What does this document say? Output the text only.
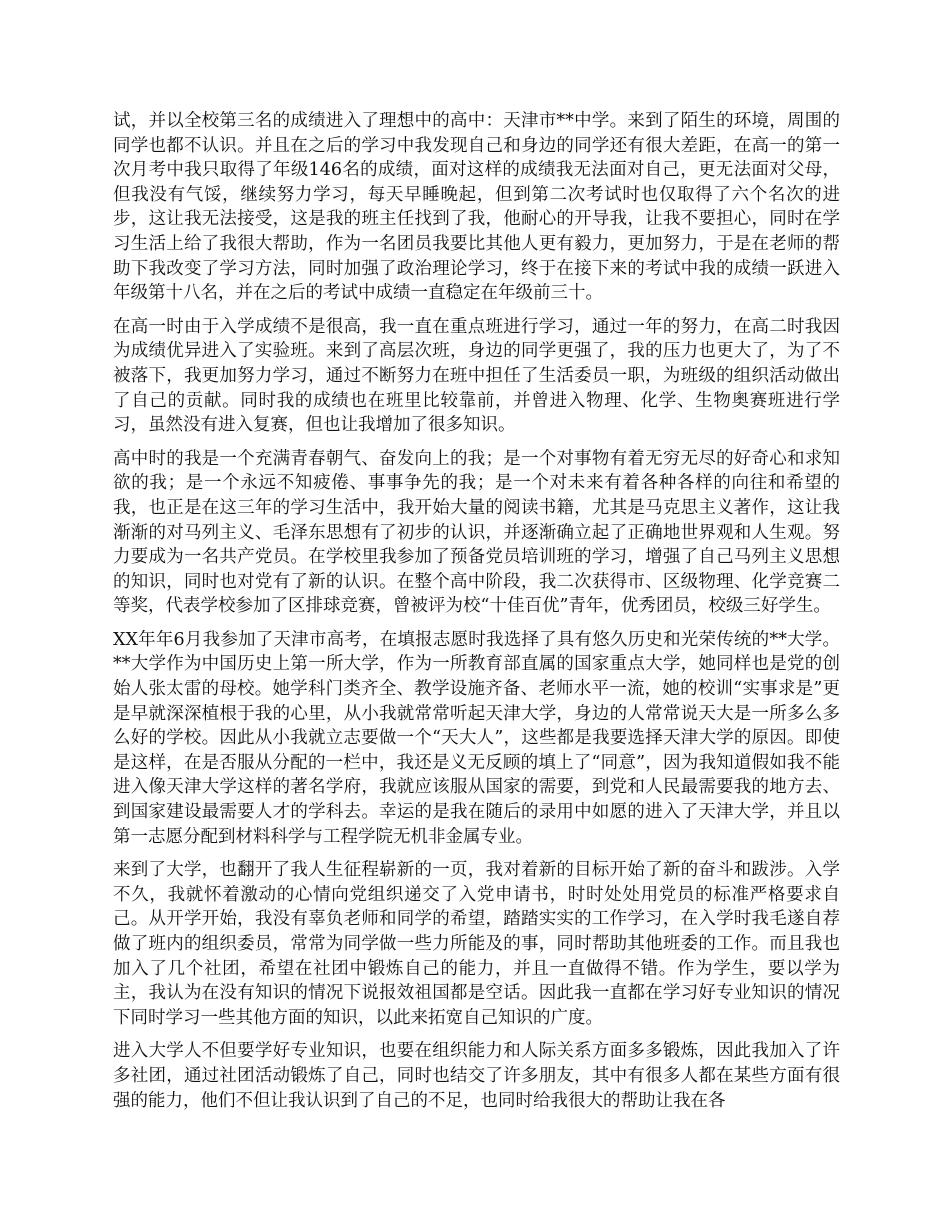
试，并以全校第三名的成绩进入了理想中的高中：天津市**中学。来到了陌生的环境，周围的同学也都不认识。并且在之后的学习中我发现自己和身边的同学还有很大差距，在高一的第一次月考中我只取得了年级146名的成绩，面对这样的成绩我无法面对自己，更无法面对父母，但我没有气馁，继续努力学习，每天早睡晚起，但到第二次考试时也仅取得了六个名次的进步，这让我无法接受，这是我的班主任找到了我，他耐心的开导我，让我不要担心，同时在学习生活上给了我很大帮助，作为一名团员我要比其他人更有毅力，更加努力，于是在老师的帮助下我改变了学习方法，同时加强了政治理论学习，终于在接下来的考试中我的成绩一跃进入年级第十八名，并在之后的考试中成绩一直稳定在年级前三十。

在高一时由于入学成绩不是很高，我一直在重点班进行学习，通过一年的努力，在高二时我因为成绩优异进入了实验班。来到了高层次班，身边的同学更强了，我的压力也更大了，为了不被落下，我更加努力学习，通过不断努力在班中担任了生活委员一职，为班级的组织活动做出了自己的贡献。同时我的成绩也在班里比较靠前，并曾进入物理、化学、生物奥赛班进行学习，虽然没有进入复赛，但也让我增加了很多知识。

高中时的我是一个充满青春朝气、奋发向上的我；是一个对事物有着无穷无尽的好奇心和求知欲的我；是一个永远不知疲倦、事事争先的我；是一个对未来有着各种各样的向往和希望的我，也正是在这三年的学习生活中，我开始大量的阅读书籍，尤其是马克思主义著作，这让我渐渐的对马列主义、毛泽东思想有了初步的认识，并逐渐确立起了正确地世界观和人生观。努力要成为一名共产党员。在学校里我参加了预备党员培训班的学习，增强了自己马列主义思想的知识，同时也对党有了新的认识。在整个高中阶段，我二次获得市、区级物理、化学竞赛二等奖，代表学校参加了区排球竞赛，曾被评为校“十佳百优”青年，优秀团员，校级三好学生。

XX年年6月我参加了天津市高考，在填报志愿时我选择了具有悠久历史和光荣传统的**大学。**大学作为中国历史上第一所大学，作为一所教育部直属的国家重点大学，她同样也是党的创始人张太雷的母校。她学科门类齐全、教学设施齐备、老师水平一流，她的校训“实事求是”更是早就深深植根于我的心里，从小我就常常听起天津大学，身边的人常常说天大是一所多么多么好的学校。因此从小我就立志要做一个“天大人”，这些都是我要选择天津大学的原因。即使是这样，在是否服从分配的一栏中，我还是义无反顾的填上了“同意”，因为我知道假如我不能进入像天津大学这样的著名学府，我就应该服从国家的需要，到党和人民最需要我的地方去、到国家建设最需要人才的学科去。幸运的是我在随后的录用中如愿的进入了天津大学，并且以第一志愿分配到材料科学与工程学院无机非金属专业。

来到了大学，也翻开了我人生征程崭新的一页，我对着新的目标开始了新的奋斗和跋涉。入学不久，我就怀着激动的心情向党组织递交了入党申请书，时时处处用党员的标准严格要求自己。从开学开始，我没有辜负老师和同学的希望，踏踏实实的工作学习，在入学时我毛遂自荐做了班内的组织委员，常常为同学做一些力所能及的事，同时帮助其他班委的工作。而且我也加入了几个社团，希望在社团中锻炼自己的能力，并且一直做得不错。作为学生，要以学为主，我认为在没有知识的情况下说报效祖国都是空话。因此我一直都在学习好专业知识的情况下同时学习一些其他方面的知识，以此来拓宽自己知识的广度。

进入大学人不但要学好专业知识，也要在组织能力和人际关系方面多多锻炼，因此我加入了许多社团，通过社团活动锻炼了自己，同时也结交了许多朋友，其中有很多人都在某些方面有很强的能力，他们不但让我认识到了自己的不足，也同时给我很大的帮助让我在各
